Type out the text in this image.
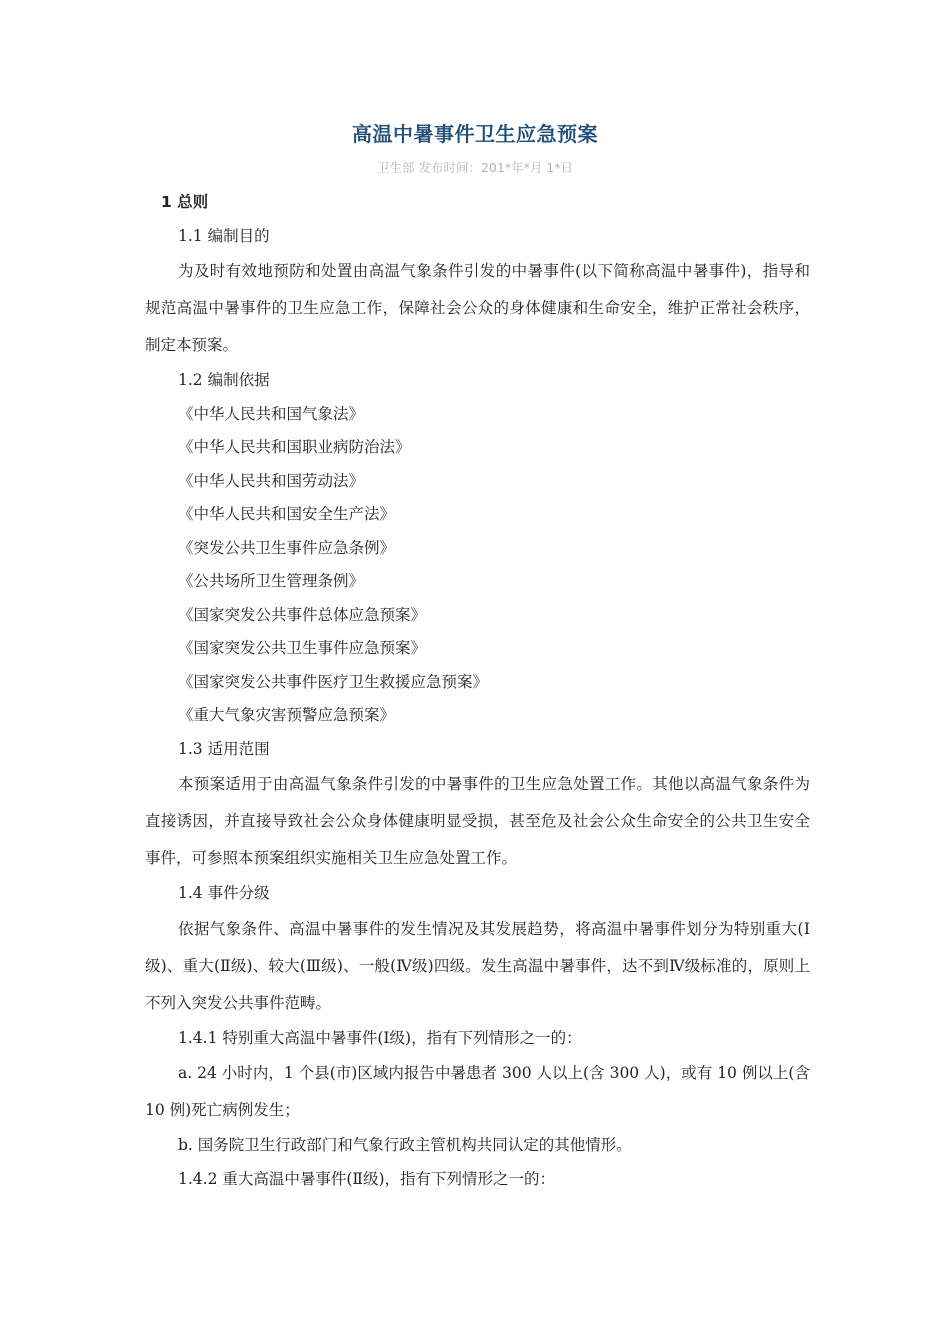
高温中暑事件卫生应急预案
卫生部 发布时间：201*年*月 1*日
1 总则
1.1 编制目的
为及时有效地预防和处置由高温气象条件引发的中暑事件(以下简称高温中暑事件)，指导和规范高温中暑事件的卫生应急工作，保障社会公众的身体健康和生命安全，维护正常社会秩序，制定本预案。
1.2 编制依据
《中华人民共和国气象法》
《中华人民共和国职业病防治法》
《中华人民共和国劳动法》
《中华人民共和国安全生产法》
《突发公共卫生事件应急条例》
《公共场所卫生管理条例》
《国家突发公共事件总体应急预案》
《国家突发公共卫生事件应急预案》
《国家突发公共事件医疗卫生救援应急预案》
《重大气象灾害预警应急预案》
1.3 适用范围
本预案适用于由高温气象条件引发的中暑事件的卫生应急处置工作。其他以高温气象条件为直接诱因，并直接导致社会公众身体健康明显受损，甚至危及社会公众生命安全的公共卫生安全事件，可参照本预案组织实施相关卫生应急处置工作。
1.4 事件分级
依据气象条件、高温中暑事件的发生情况及其发展趋势，将高温中暑事件划分为特别重大(Ⅰ级)、重大(Ⅱ级)、较大(Ⅲ级)、一般(Ⅳ级)四级。发生高温中暑事件，达不到Ⅳ级标准的，原则上不列入突发公共事件范畴。
1.4.1 特别重大高温中暑事件(Ⅰ级)，指有下列情形之一的：
a. 24 小时内，1 个县(市)区域内报告中暑患者 300 人以上(含 300 人)，或有 10 例以上(含 10 例)死亡病例发生；
b. 国务院卫生行政部门和气象行政主管机构共同认定的其他情形。
1.4.2 重大高温中暑事件(Ⅱ级)，指有下列情形之一的：
